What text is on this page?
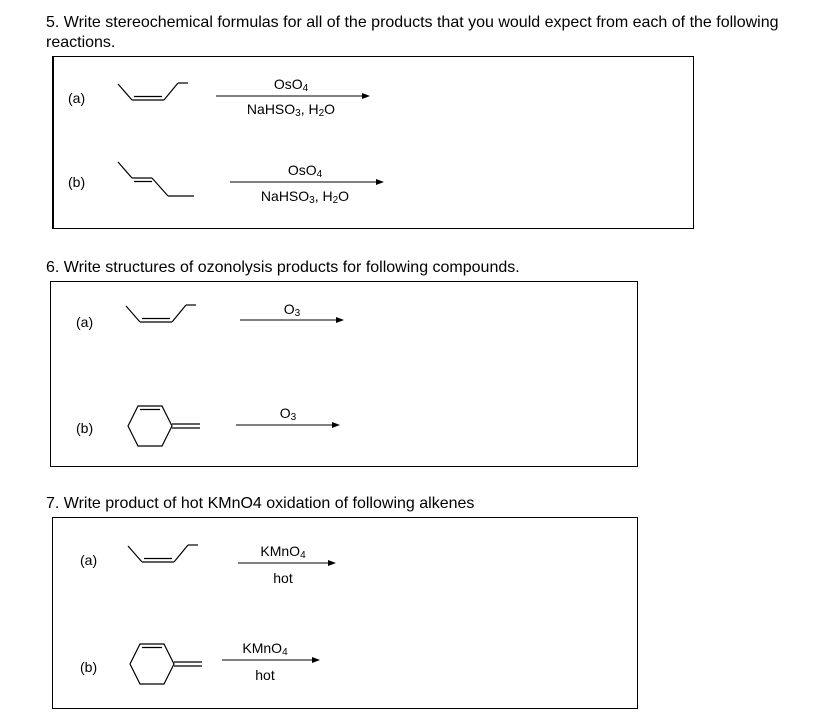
5. Write stereochemical formulas for all of the products that you would expect from each of the following reactions.

(a)
OsO$_4$
NaHSO$_3$, $H_2O$
(b)
OsO$_4$
NaHSO$_3$, $H_2O$

6. Write structures of ozonolysis products for following compounds.

(a)
$O_3$
(b)
$O_3$

7. Write product of hot KMnO4 oxidation of following alkenes

(a)
KMnO$_4$
hot
(b)
KMnO$_4$
hot
